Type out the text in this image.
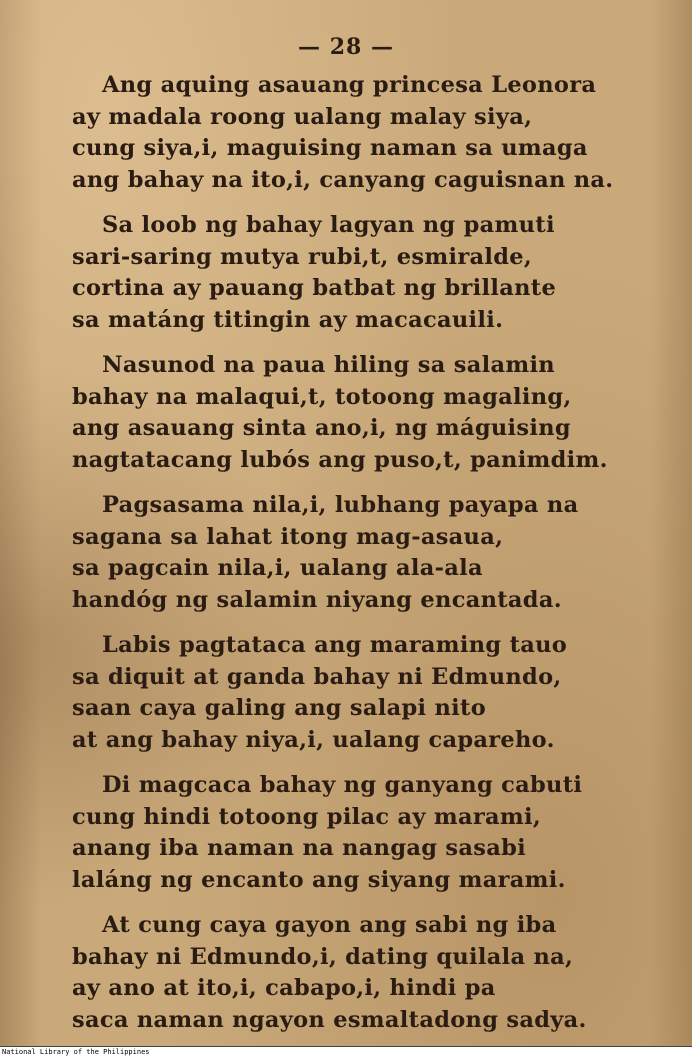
— 28 —
Ang aquing asauang princesa Leonora
ay madala roong ualang malay siya,
cung siya,i, maguising naman sa umaga
ang bahay na ito,i, canyang caguisnan na.
Sa loob ng bahay lagyan ng pamuti
sari-saring mutya rubi,t, esmiralde,
cortina ay pauang batbat ng brillante
sa matáng titingin ay macacauili.
Nasunod na paua hiling sa salamin
bahay na malaqui,t, totoong magaling,
ang asauang sinta ano,i, ng máguising
nagtatacang lubós ang puso,t, panimdim.
Pagsasama nila,i, lubhang payapa na
sagana sa lahat itong mag-asaua,
sa pagcain nila,i, ualang ala-ala
handóg ng salamin niyang encantada.
Labis pagtataca ang maraming tauo
sa diquit at ganda bahay ni Edmundo,
saan caya galing ang salapi nito
at ang bahay niya,i, ualang capareho.
Di magcaca bahay ng ganyang cabuti
cung hindi totoong pilac ay marami,
anang iba naman na nangag sasabi
laláng ng encanto ang siyang marami.
At cung caya gayon ang sabi ng iba
bahay ni Edmundo,i, dating quilala na,
ay ano at ito,i, cabapo,i, hindi pa
saca naman ngayon esmaltadong sadya.
National Library of the Philippines
